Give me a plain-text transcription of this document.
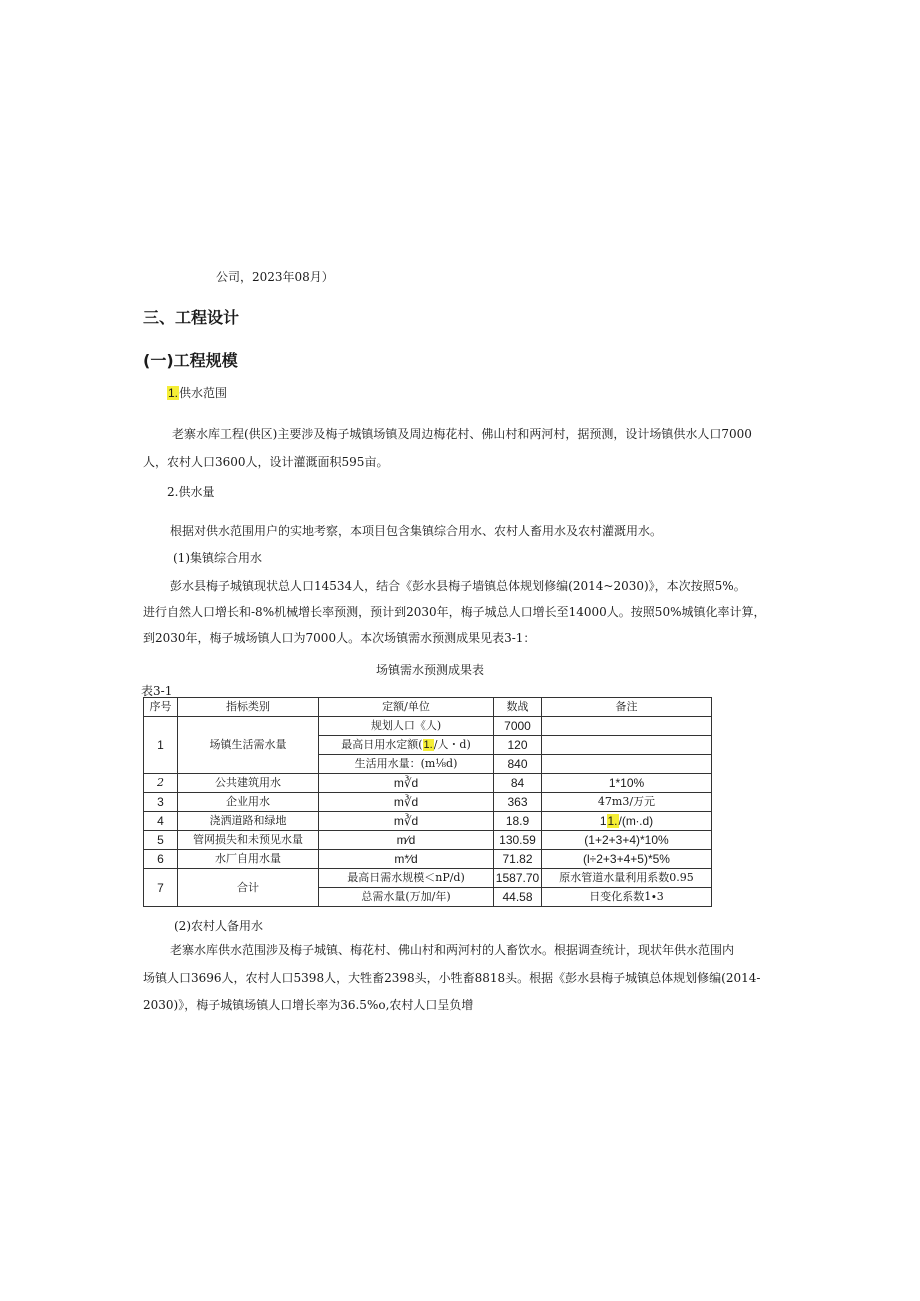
公司，2023年08月）
三、工程设计
(一)工程规模
1.供水范围
老寨水库工程(供区)主要涉及梅子城镇场镇及周边梅花村、佛山村和两河村，据预测，设计场镇供水人口7000
人，农村人口3600人，设计灌溉面积595亩。
2.供水量
根据对供水范围用户的实地考察，本项目包含集镇综合用水、农村人畜用水及农村灌溉用水。
(1)集镇综合用水
彭水县梅子城镇现状总人口14534人，结合《彭水县梅子墙镇总体规划修编(2014~2030)》，本次按照5%。
进行自然人口增长和-8%机械增长率预测，预计到2030年，梅子城总人口增长至14000人。按照50%城镇化率计算，
到2030年，梅子城场镇人口为7000人。本次场镇需水预测成果见表3-1：
场镇需水预测成果表
表3-1
序号	指标类别	定额/单位	数战	备注
1	场镇生活需水量	规划人口《人)	7000	
		最高日用水定额(1./人・d)	120	
		生活用水量：(m⅛d)	840	
2	公共建筑用水	m∛d	84	1*10%
3	企业用水	m∛d	363	47m3∕万元
4	浇洒道路和绿地	m∛d	18.9	11./(m∙.d)
5	管网损失和未预见水量	m∕d	130.59	(1+2+3+4)*10%
6	水厂自用水量	m*∕d	71.82	(l÷2+3+4+5)*5%
7	合计	最高日需水规模＜nP∕d)	1587.70	原水管道水量利用系数0.95
		总需水量(万加/年)	44.58	日变化系数1∙3
(2)农村人备用水
老寨水库供水范围涉及梅子城镇、梅花村、佛山村和两河村的人畜饮水。根据调查统计，现状年供水范围内
场镇人口3696人，农村人口5398人，大牲畜2398头，小牲畜8818头。根据《彭水县梅子城镇总体规划修编(2014-
2030)》，梅子城镇场镇人口增长率为36.5%o,农村人口呈负增
